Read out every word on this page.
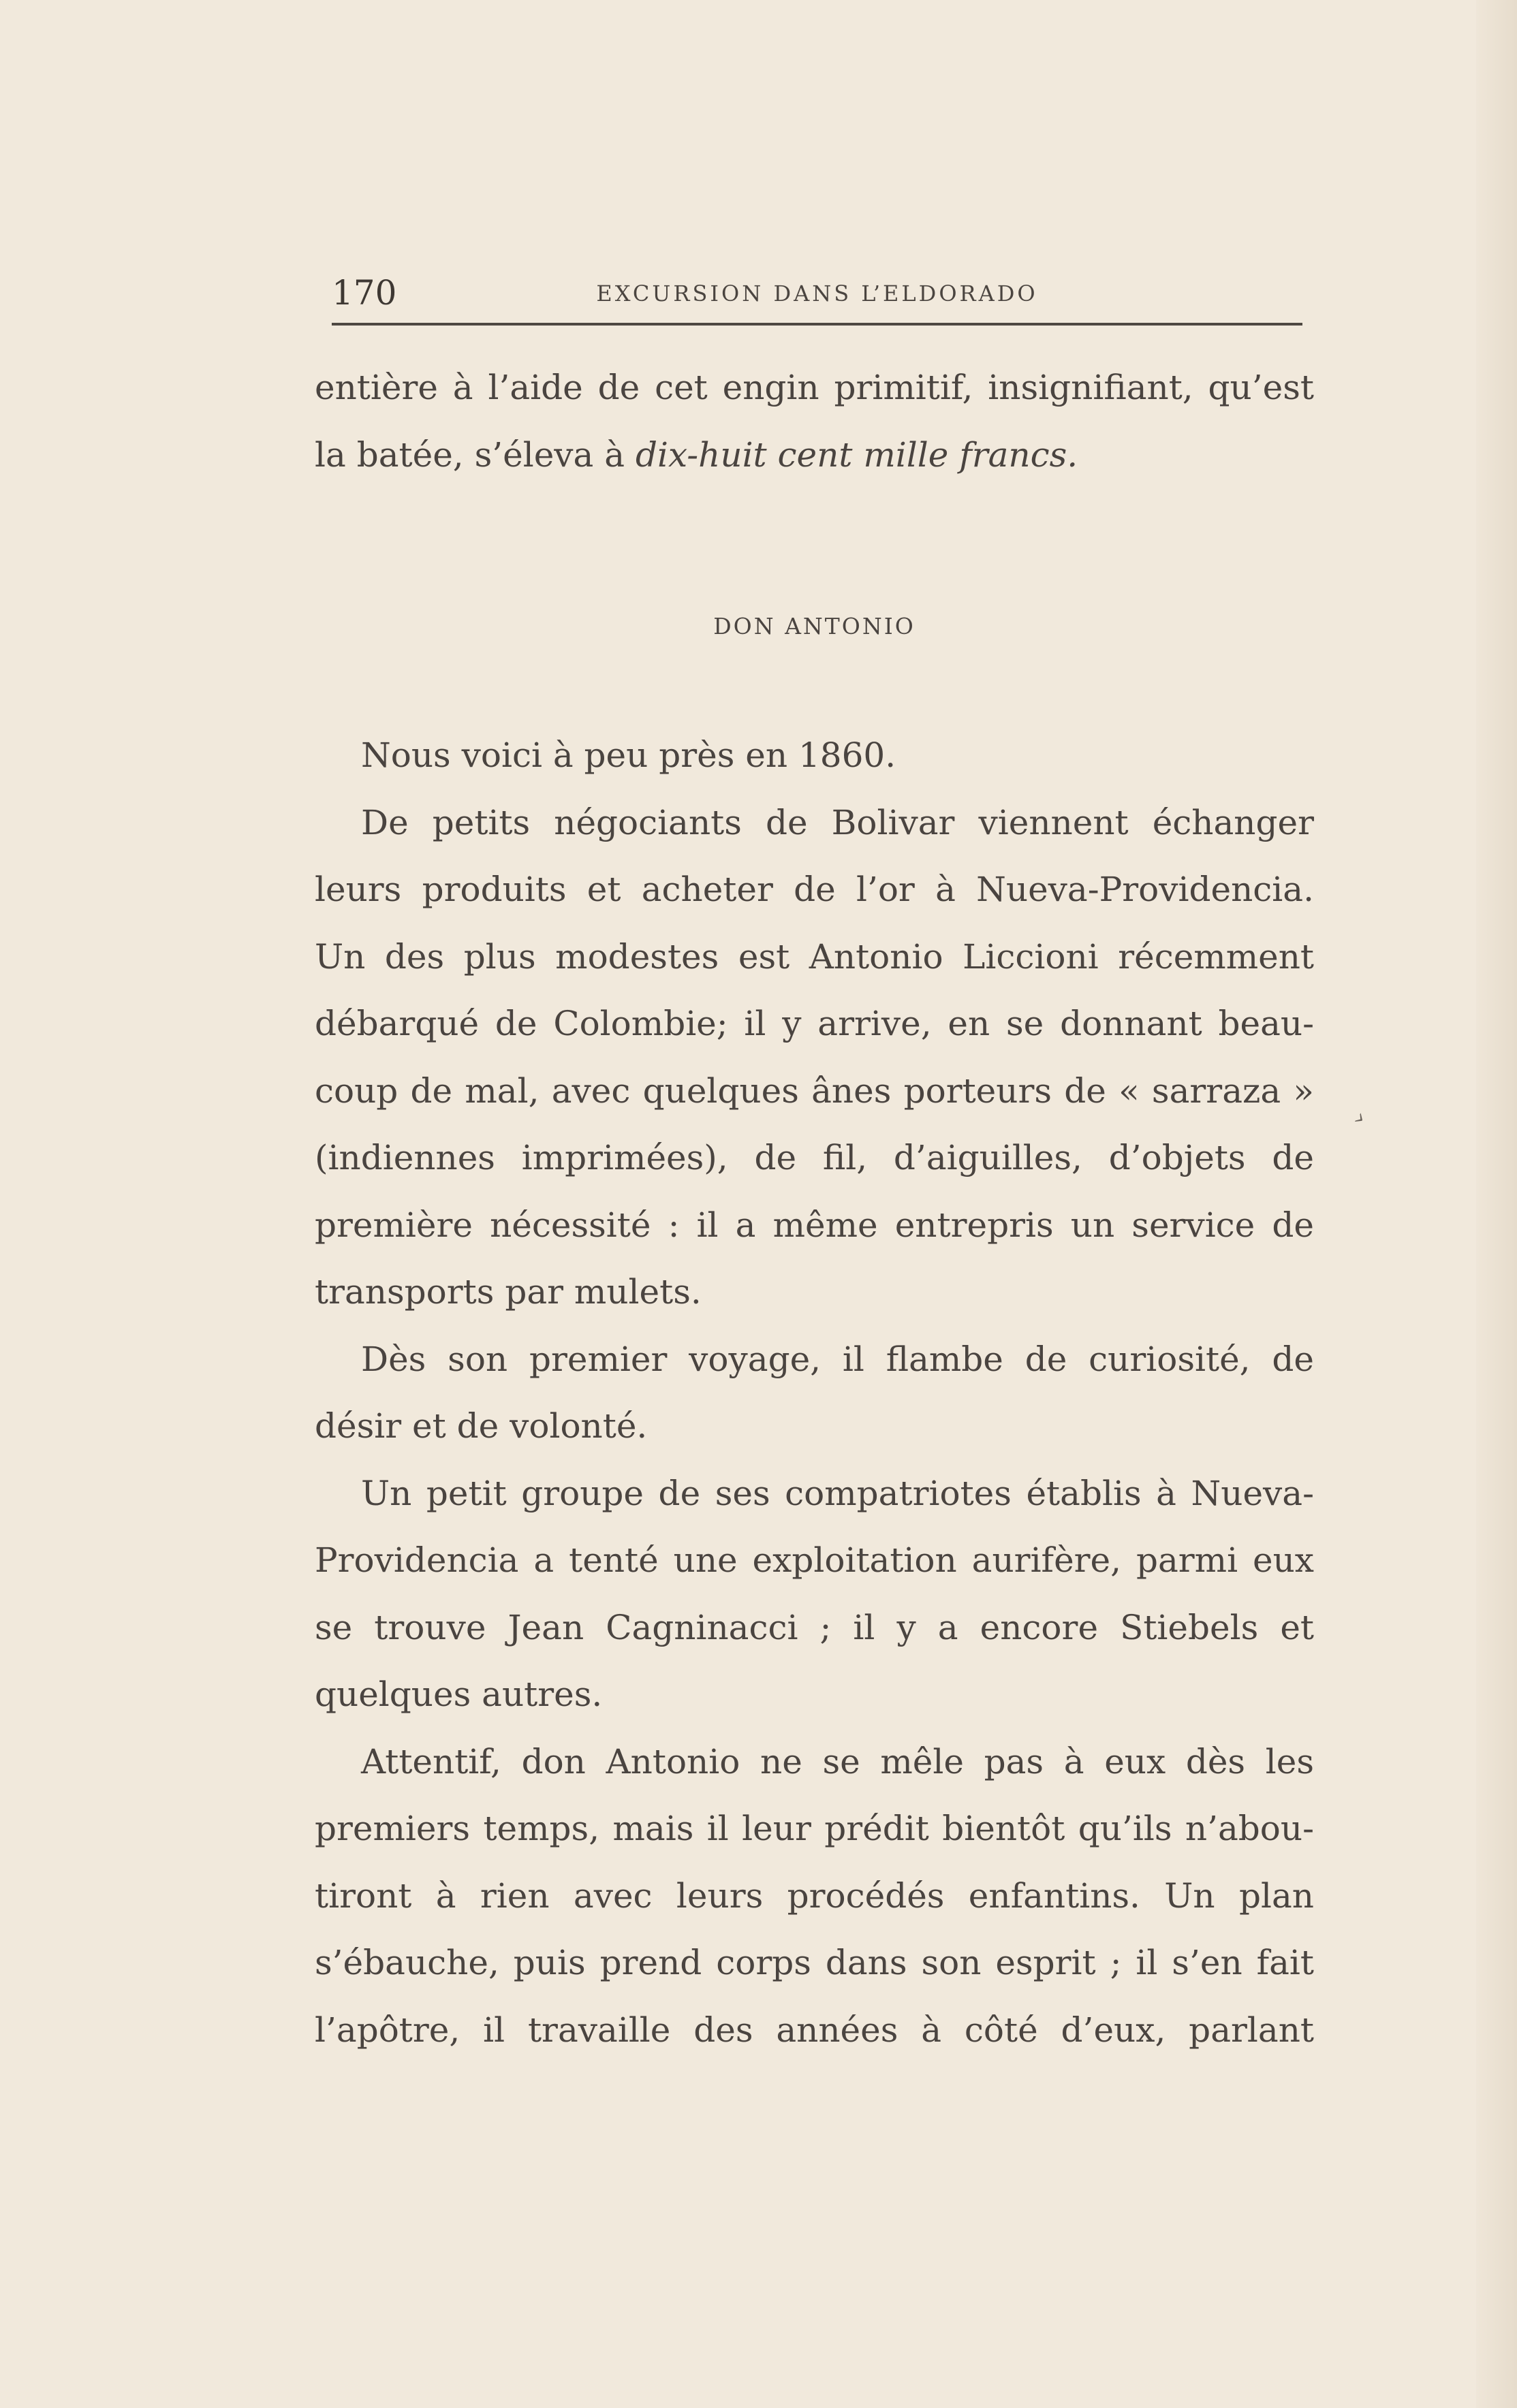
170	EXCURSION DANS L’ELDORADO
entière à l’aide de cet engin primitif, insignifiant, qu’est
la batée, s’éleva à dix-huit cent mille francs.
DON ANTONIO
Nous voici à peu près en 1860.
De petits négociants de Bolivar viennent échanger
leurs produits et acheter de l’or à Nueva-Providencia.
Un des plus modestes est Antonio Liccioni récemment
débarqué de Colombie; il y arrive, en se donnant beau-
coup de mal, avec quelques ânes porteurs de « sarraza »
(indiennes imprimées), de fil, d’aiguilles, d’objets de
première nécessité : il a même entrepris un service de
transports par mulets.
Dès son premier voyage, il flambe de curiosité, de
désir et de volonté.
Un petit groupe de ses compatriotes établis à Nueva-
Providencia a tenté une exploitation aurifère, parmi eux
se trouve Jean Cagninacci ; il y a encore Stiebels et
quelques autres.
Attentif, don Antonio ne se mêle pas à eux dès les
premiers temps, mais il leur prédit bientôt qu’ils n’abou-
tiront à rien avec leurs procédés enfantins. Un plan
s’ébauche, puis prend corps dans son esprit ; il s’en fait
l’apôtre, il travaille des années à côté d’eux, parlant
›
